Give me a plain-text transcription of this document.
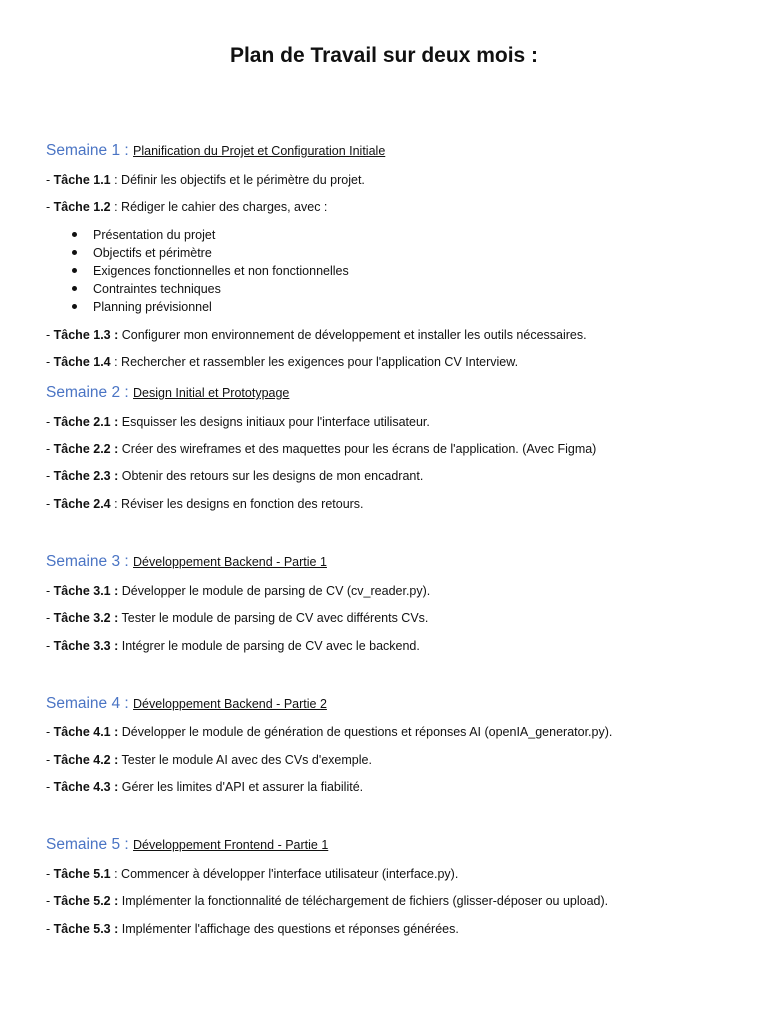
Plan de Travail sur deux mois :
Semaine 1 : Planification du Projet et Configuration Initiale
- Tâche 1.1 : Définir les objectifs et le périmètre du projet.
- Tâche 1.2 : Rédiger le cahier des charges, avec :
Présentation du projet
Objectifs et périmètre
Exigences fonctionnelles et non fonctionnelles
Contraintes techniques
Planning prévisionnel
- Tâche 1.3 : Configurer mon environnement de développement et installer les outils nécessaires.
- Tâche 1.4 : Rechercher et rassembler les exigences pour l'application CV Interview.
Semaine 2 : Design Initial et Prototypage
- Tâche 2.1 : Esquisser les designs initiaux pour l'interface utilisateur.
- Tâche 2.2 : Créer des wireframes et des maquettes pour les écrans de l'application. (Avec Figma)
- Tâche 2.3 : Obtenir des retours sur les designs de mon encadrant.
- Tâche 2.4 : Réviser les designs en fonction des retours.
Semaine 3 : Développement Backend - Partie 1
- Tâche 3.1 : Développer le module de parsing de CV (cv_reader.py).
- Tâche 3.2 : Tester le module de parsing de CV avec différents CVs.
- Tâche 3.3 : Intégrer le module de parsing de CV avec le backend.
Semaine 4 : Développement Backend - Partie 2
- Tâche 4.1 : Développer le module de génération de questions et réponses AI (openIA_generator.py).
- Tâche 4.2 : Tester le module AI avec des CVs d'exemple.
- Tâche 4.3 : Gérer les limites d'API et assurer la fiabilité.
Semaine 5 : Développement Frontend - Partie 1
- Tâche 5.1 : Commencer à développer l'interface utilisateur (interface.py).
- Tâche 5.2 : Implémenter la fonctionnalité de téléchargement de fichiers (glisser-déposer ou upload).
- Tâche 5.3 : Implémenter l'affichage des questions et réponses générées.
